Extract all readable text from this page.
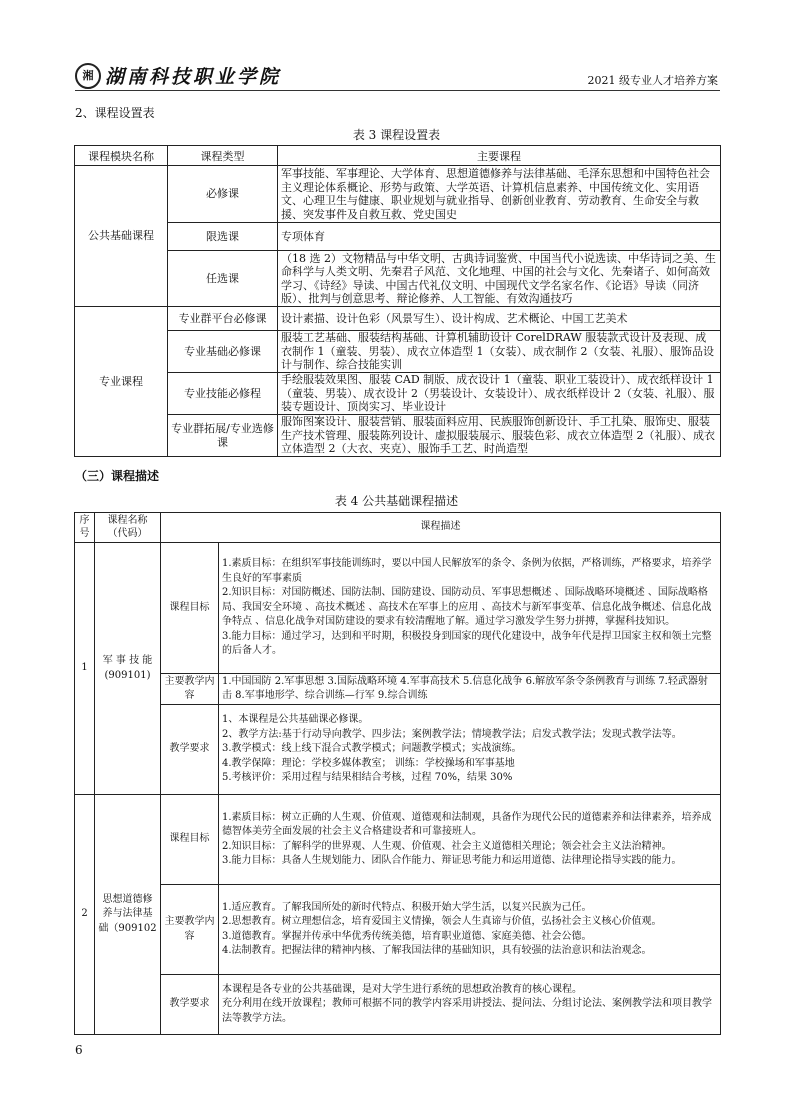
湘 湖南科技职业学院	2021 级专业人才培养方案
2、课程设置表
表 3 课程设置表
课程模块名称	课程类型	主要课程
公共基础课程	必修课	军事技能、军事理论、大学体育、思想道德修养与法律基础、毛泽东思想和中国特色社会主义理论体系概论、形势与政策、大学英语、计算机信息素养、中国传统文化、实用语文、心理卫生与健康、职业规划与就业指导、创新创业教育、劳动教育、生命安全与救援、突发事件及自救互救、党史国史
	限选课	专项体育
	任选课	（18 选 2）文物精品与中华文明、古典诗词鉴赏、中国当代小说选读、中华诗词之美、生命科学与人类文明、先秦君子风范、文化地理、中国的社会与文化、先秦诸子、如何高效学习、《诗经》导读、中国古代礼仪文明、中国现代文学名家名作、《论语》导读（同济版）、批判与创意思考、辩论修养、人工智能、有效沟通技巧
专业课程	专业群平台必修课	设计素描、设计色彩（风景写生）、设计构成、艺术概论、中国工艺美术
	专业基础必修课	服装工艺基础、服装结构基础、计算机辅助设计 CorelDRAW 服装款式设计及表现、成衣制作 1（童装、男装）、成衣立体造型 1（女装）、成衣制作 2（女装、礼服）、服饰品设计与制作、综合技能实训
	专业技能必修程	手绘服装效果图、服装 CAD 制版、成衣设计 1（童装、职业工装设计）、成衣纸样设计 1（童装、男装）、成衣设计 2（男装设计、女装设计）、成衣纸样设计 2（女装、礼服）、服装专题设计、顶岗实习、毕业设计
	专业群拓展/专业选修课	服饰图案设计、服装营销、服装面料应用、民族服饰创新设计、手工扎染、服饰史、服装生产技术管理、服装陈列设计、虚拟服装展示、服装色彩、成衣立体造型 2（礼服）、成衣立体造型 2（大衣、夹克）、服饰手工艺、时尚造型
（三）课程描述
表 4 公共基础课程描述
序号	课程名称（代码）	课程描述	
1	军 事 技 能(909101)	课程目标	1.素质目标：在组织军事技能训练时，要以中国人民解放军的条令、条例为依据，严格训练，严格要求，培养学生良好的军事素质
2.知识目标：对国防概述、国防法制、国防建设、国防动员、军事思想概述 、国际战略环境概述 、国际战略格局、我国安全环境 、高技术概述 、高技术在军事上的应用 、高技术与新军事变革、信息化战争概述、信息化战争特点 、信息化战争对国防建设的要求有较清醒地了解。通过学习激发学生努力拼搏，掌握科技知识。
3.能力目标：通过学习，达到和平时期，积极投身到国家的现代化建设中，战争年代是捍卫国家主权和领土完整的后备人才。

		主要教学内容	1.中国国防 2.军事思想 3.国际战略环境 4.军事高技术 5.信息化战争 6.解放军条令条例教育与训练 7.轻武器射击 8.军事地形学、综合训练—行军 9.综合训练

		教学要求	1、本课程是公共基础课必修课。
2、教学方法:基于行动导向教学、四步法；案例教学法；情境教学法；启发式教学法；发现式教学法等。
3.教学模式：线上线下混合式教学模式；问题教学模式；实战演练。
4.教学保障：理论：学校多媒体教室； 训练：学校操场和军事基地
5.考核评价：采用过程与结果相结合考核，过程 70%，结果 30%

2	思想道德修养与法律基础（909102	课程目标	1.素质目标：树立正确的人生观、价值观、道德观和法制观，具备作为现代公民的道德素养和法律素养，培养成德智体美劳全面发展的社会主义合格建设者和可靠接班人。
2.知识目标：了解科学的世界观、人生观、价值观、社会主义道德相关理论；领会社会主义法治精神。
3.能力目标：具备人生规划能力、团队合作能力、辩证思考能力和运用道德、法律理论指导实践的能力。

		主要教学内容	1.适应教育。了解我国所处的新时代特点、积极开始大学生活，以复兴民族为己任。
2.思想教育。树立理想信念，培育爱国主义情操，领会人生真谛与价值，弘扬社会主义核心价值观。
3.道德教育。掌握并传承中华优秀传统美德，培育职业道德、家庭美德、社会公德。
4.法制教育。把握法律的精神内核、了解我国法律的基础知识，具有较强的法治意识和法治观念。

		教学要求	本课程是各专业的公共基础课，是对大学生进行系统的思想政治教育的核心课程。
充分利用在线开放课程；教师可根据不同的教学内容采用讲授法、提问法、分组讨论法、案例教学法和项目教学法等教学方法。
6
